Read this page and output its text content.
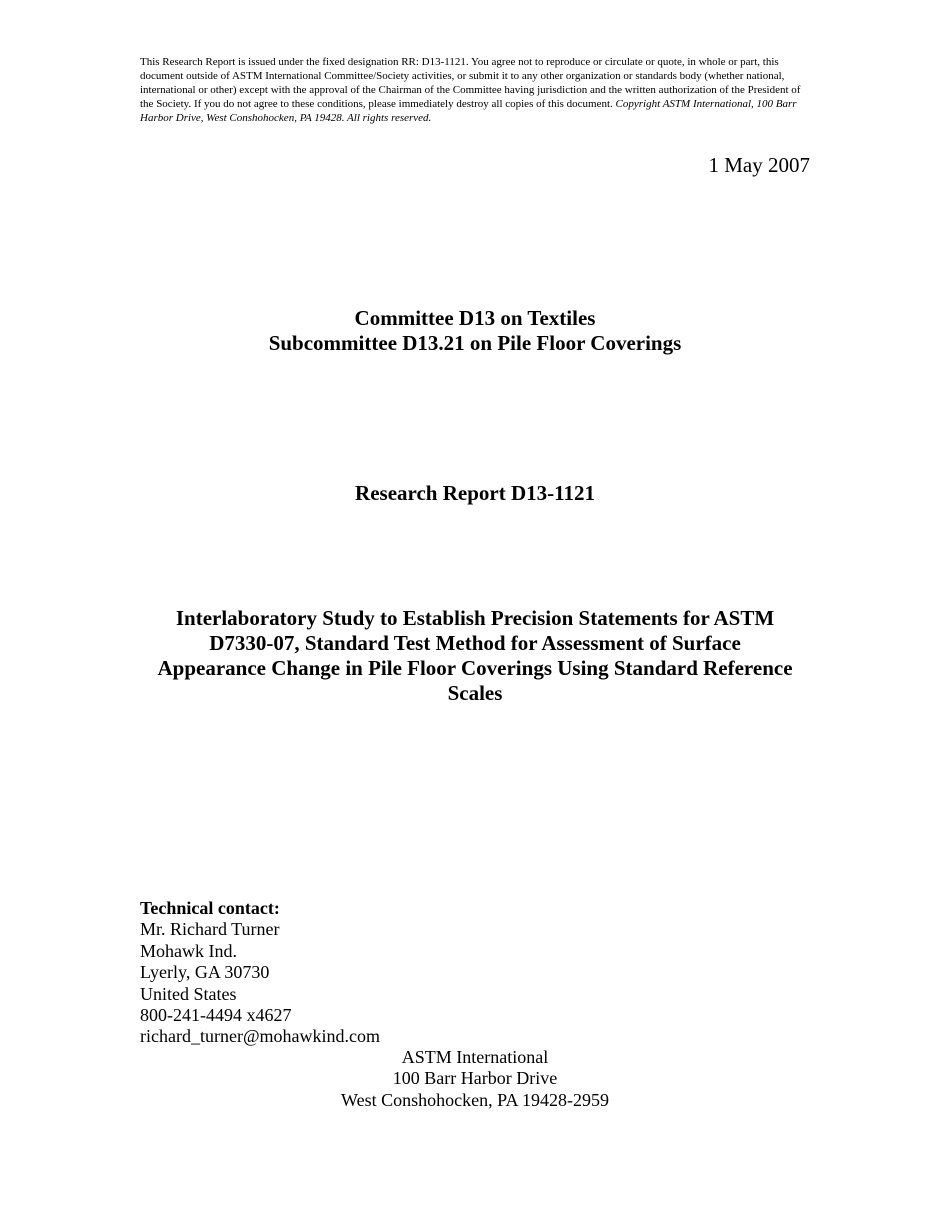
This Research Report is issued under the fixed designation RR: D13-1121. You agree not to reproduce or circulate or quote, in whole or part, this document outside of ASTM International Committee/Society activities, or submit it to any other organization or standards body (whether national, international or other) except with the approval of the Chairman of the Committee having jurisdiction and the written authorization of the President of the Society. If you do not agree to these conditions, please immediately destroy all copies of this document. Copyright ASTM International, 100 Barr Harbor Drive, West Conshohocken, PA 19428. All rights reserved.

1 May 2007

Committee D13 on Textiles
Subcommittee D13.21 on Pile Floor Coverings
Research Report D13-1121
Interlaboratory Study to Establish Precision Statements for ASTM
D7330-07, Standard Test Method for Assessment of Surface
Appearance Change in Pile Floor Coverings Using Standard Reference
Scales
Technical contact:
Mr. Richard Turner
Mohawk Ind.
Lyerly, GA 30730
United States
800-241-4494 x4627
richard_turner@mohawkind.com
ASTM International
100 Barr Harbor Drive
West Conshohocken, PA 19428-2959
